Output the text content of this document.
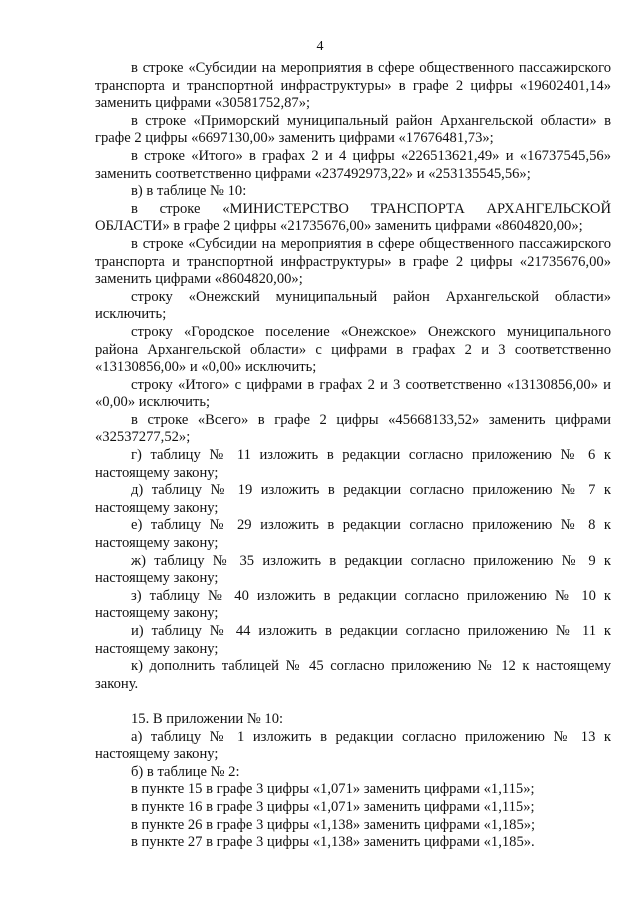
4

в строке «Субсидии на мероприятия в сфере общественного пассажирского транспорта и транспортной инфраструктуры» в графе 2 цифры «19602401,14» заменить цифрами «30581752,87»;

в строке «Приморский муниципальный район Архангельской области» в графе 2 цифры «6697130,00» заменить цифрами «17676481,73»;

в строке «Итого» в графах 2 и 4 цифры «226513621,49» и «16737545,56» заменить соответственно цифрами «237492973,22» и «253135545,56»;

в) в таблице № 10:

в строке «МИНИСТЕРСТВО ТРАНСПОРТА АРХАНГЕЛЬСКОЙ ОБЛАСТИ» в графе 2 цифры «21735676,00» заменить цифрами «8604820,00»;

в строке «Субсидии на мероприятия в сфере общественного пассажирского транспорта и транспортной инфраструктуры» в графе 2 цифры «21735676,00» заменить цифрами «8604820,00»;

строку «Онежский муниципальный район Архангельской области» исключить;

строку «Городское поселение «Онежское» Онежского муниципального района Архангельской области» с цифрами в графах 2 и 3 соответственно «13130856,00» и «0,00» исключить;

строку «Итого» с цифрами в графах 2 и 3 соответственно «13130856,00» и «0,00» исключить;

в строке «Всего» в графе 2 цифры «45668133,52» заменить цифрами «32537277,52»;

г) таблицу № 11 изложить в редакции согласно приложению № 6 к настоящему закону;

д) таблицу № 19 изложить в редакции согласно приложению № 7 к настоящему закону;

е) таблицу № 29 изложить в редакции согласно приложению № 8 к настоящему закону;

ж) таблицу № 35 изложить в редакции согласно приложению № 9 к настоящему закону;

з) таблицу № 40 изложить в редакции согласно приложению № 10 к настоящему закону;

и) таблицу № 44 изложить в редакции согласно приложению № 11 к настоящему закону;

к) дополнить таблицей № 45 согласно приложению № 12 к настоящему закону.

15. В приложении № 10:

а) таблицу № 1 изложить в редакции согласно приложению № 13 к настоящему закону;

б) в таблице № 2:

в пункте 15 в графе 3 цифры «1,071» заменить цифрами «1,115»;

в пункте 16 в графе 3 цифры «1,071» заменить цифрами «1,115»;

в пункте 26 в графе 3 цифры «1,138» заменить цифрами «1,185»;

в пункте 27 в графе 3 цифры «1,138» заменить цифрами «1,185».
